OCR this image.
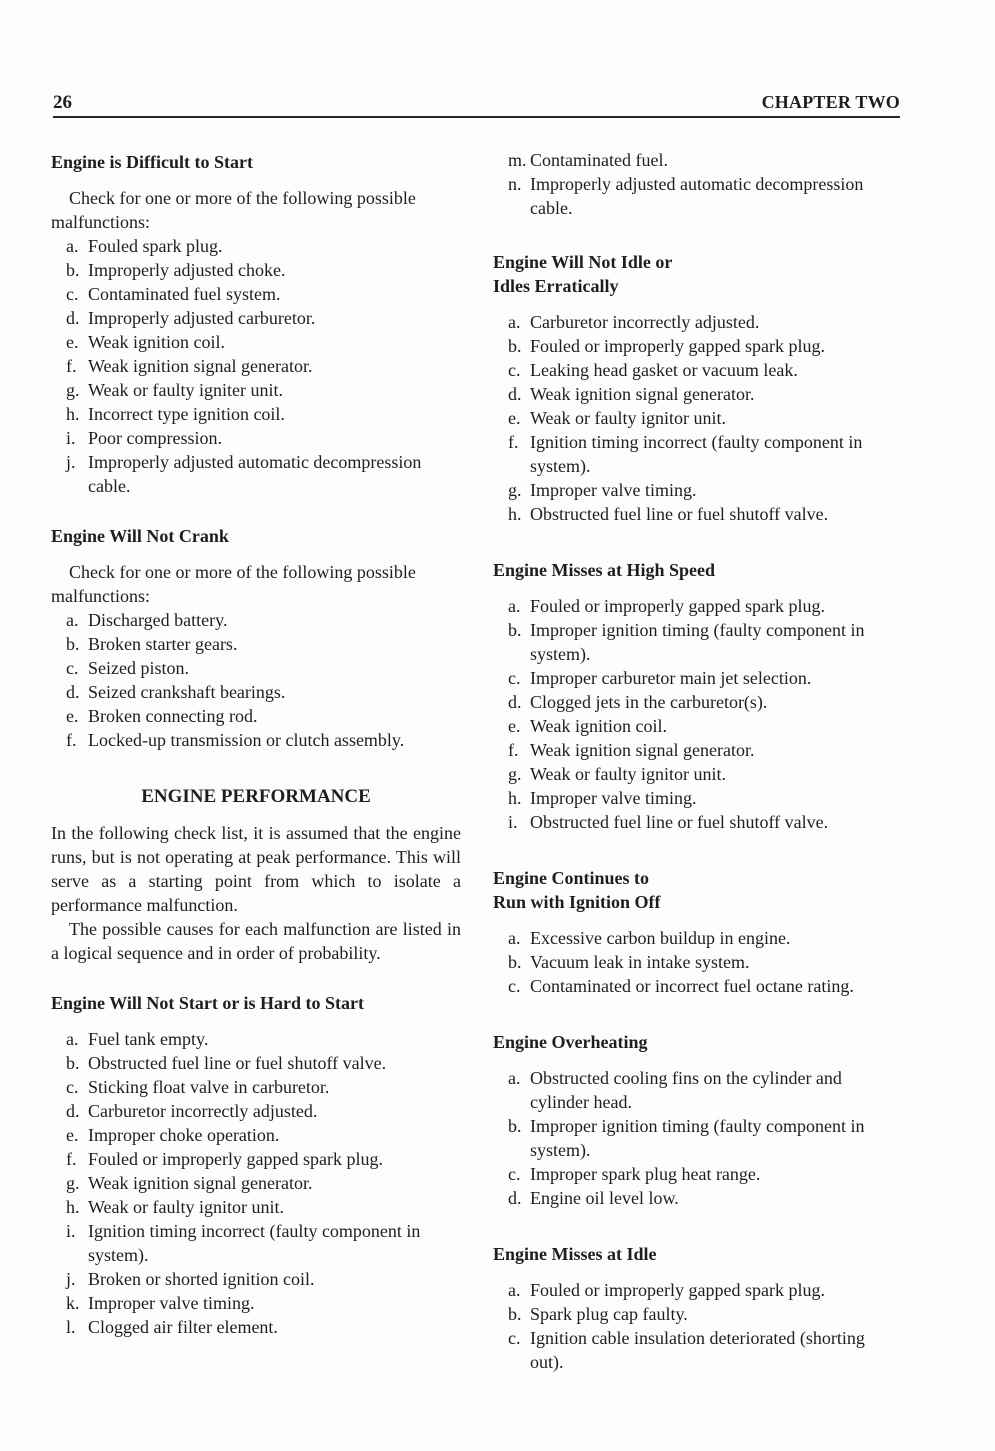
26	CHAPTER TWO
Engine is Difficult to Start

Check for one or more of the following possible malfunctions:

a. Fouled spark plug.
b. Improperly adjusted choke.
c. Contaminated fuel system.
d. Improperly adjusted carburetor.
e. Weak ignition coil.
f. Weak ignition signal generator.
g. Weak or faulty igniter unit.
h. Incorrect type ignition coil.
i. Poor compression.
j. Improperly adjusted automatic decompression cable.
Engine Will Not Crank

Check for one or more of the following possible malfunctions:

a. Discharged battery.
b. Broken starter gears.
c. Seized piston.
d. Seized crankshaft bearings.
e. Broken connecting rod.
f. Locked-up transmission or clutch assembly.
ENGINE PERFORMANCE

In the following check list, it is assumed that the engine runs, but is not operating at peak performance. This will serve as a starting point from which to isolate a performance malfunction.

The possible causes for each malfunction are listed in a logical sequence and in order of probability.

Engine Will Not Start or is Hard to Start
a. Fuel tank empty.
b. Obstructed fuel line or fuel shutoff valve.
c. Sticking float valve in carburetor.
d. Carburetor incorrectly adjusted.
e. Improper choke operation.
f. Fouled or improperly gapped spark plug.
g. Weak ignition signal generator.
h. Weak or faulty ignitor unit.
i. Ignition timing incorrect (faulty component in system).
j. Broken or shorted ignition coil.
k. Improper valve timing.
l. Clogged air filter element.
m. Contaminated fuel.
n. Improperly adjusted automatic decompression cable.
Engine Will Not Idle or
Idles Erratically
a. Carburetor incorrectly adjusted.
b. Fouled or improperly gapped spark plug.
c. Leaking head gasket or vacuum leak.
d. Weak ignition signal generator.
e. Weak or faulty ignitor unit.
f. Ignition timing incorrect (faulty component in system).
g. Improper valve timing.
h. Obstructed fuel line or fuel shutoff valve.
Engine Misses at High Speed
a. Fouled or improperly gapped spark plug.
b. Improper ignition timing (faulty component in system).
c. Improper carburetor main jet selection.
d. Clogged jets in the carburetor(s).
e. Weak ignition coil.
f. Weak ignition signal generator.
g. Weak or faulty ignitor unit.
h. Improper valve timing.
i. Obstructed fuel line or fuel shutoff valve.
Engine Continues to
Run with Ignition Off
a. Excessive carbon buildup in engine.
b. Vacuum leak in intake system.
c. Contaminated or incorrect fuel octane rating.
Engine Overheating
a. Obstructed cooling fins on the cylinder and cylinder head.
b. Improper ignition timing (faulty component in system).
c. Improper spark plug heat range.
d. Engine oil level low.
Engine Misses at Idle
a. Fouled or improperly gapped spark plug.
b. Spark plug cap faulty.
c. Ignition cable insulation deteriorated (shorting out).
